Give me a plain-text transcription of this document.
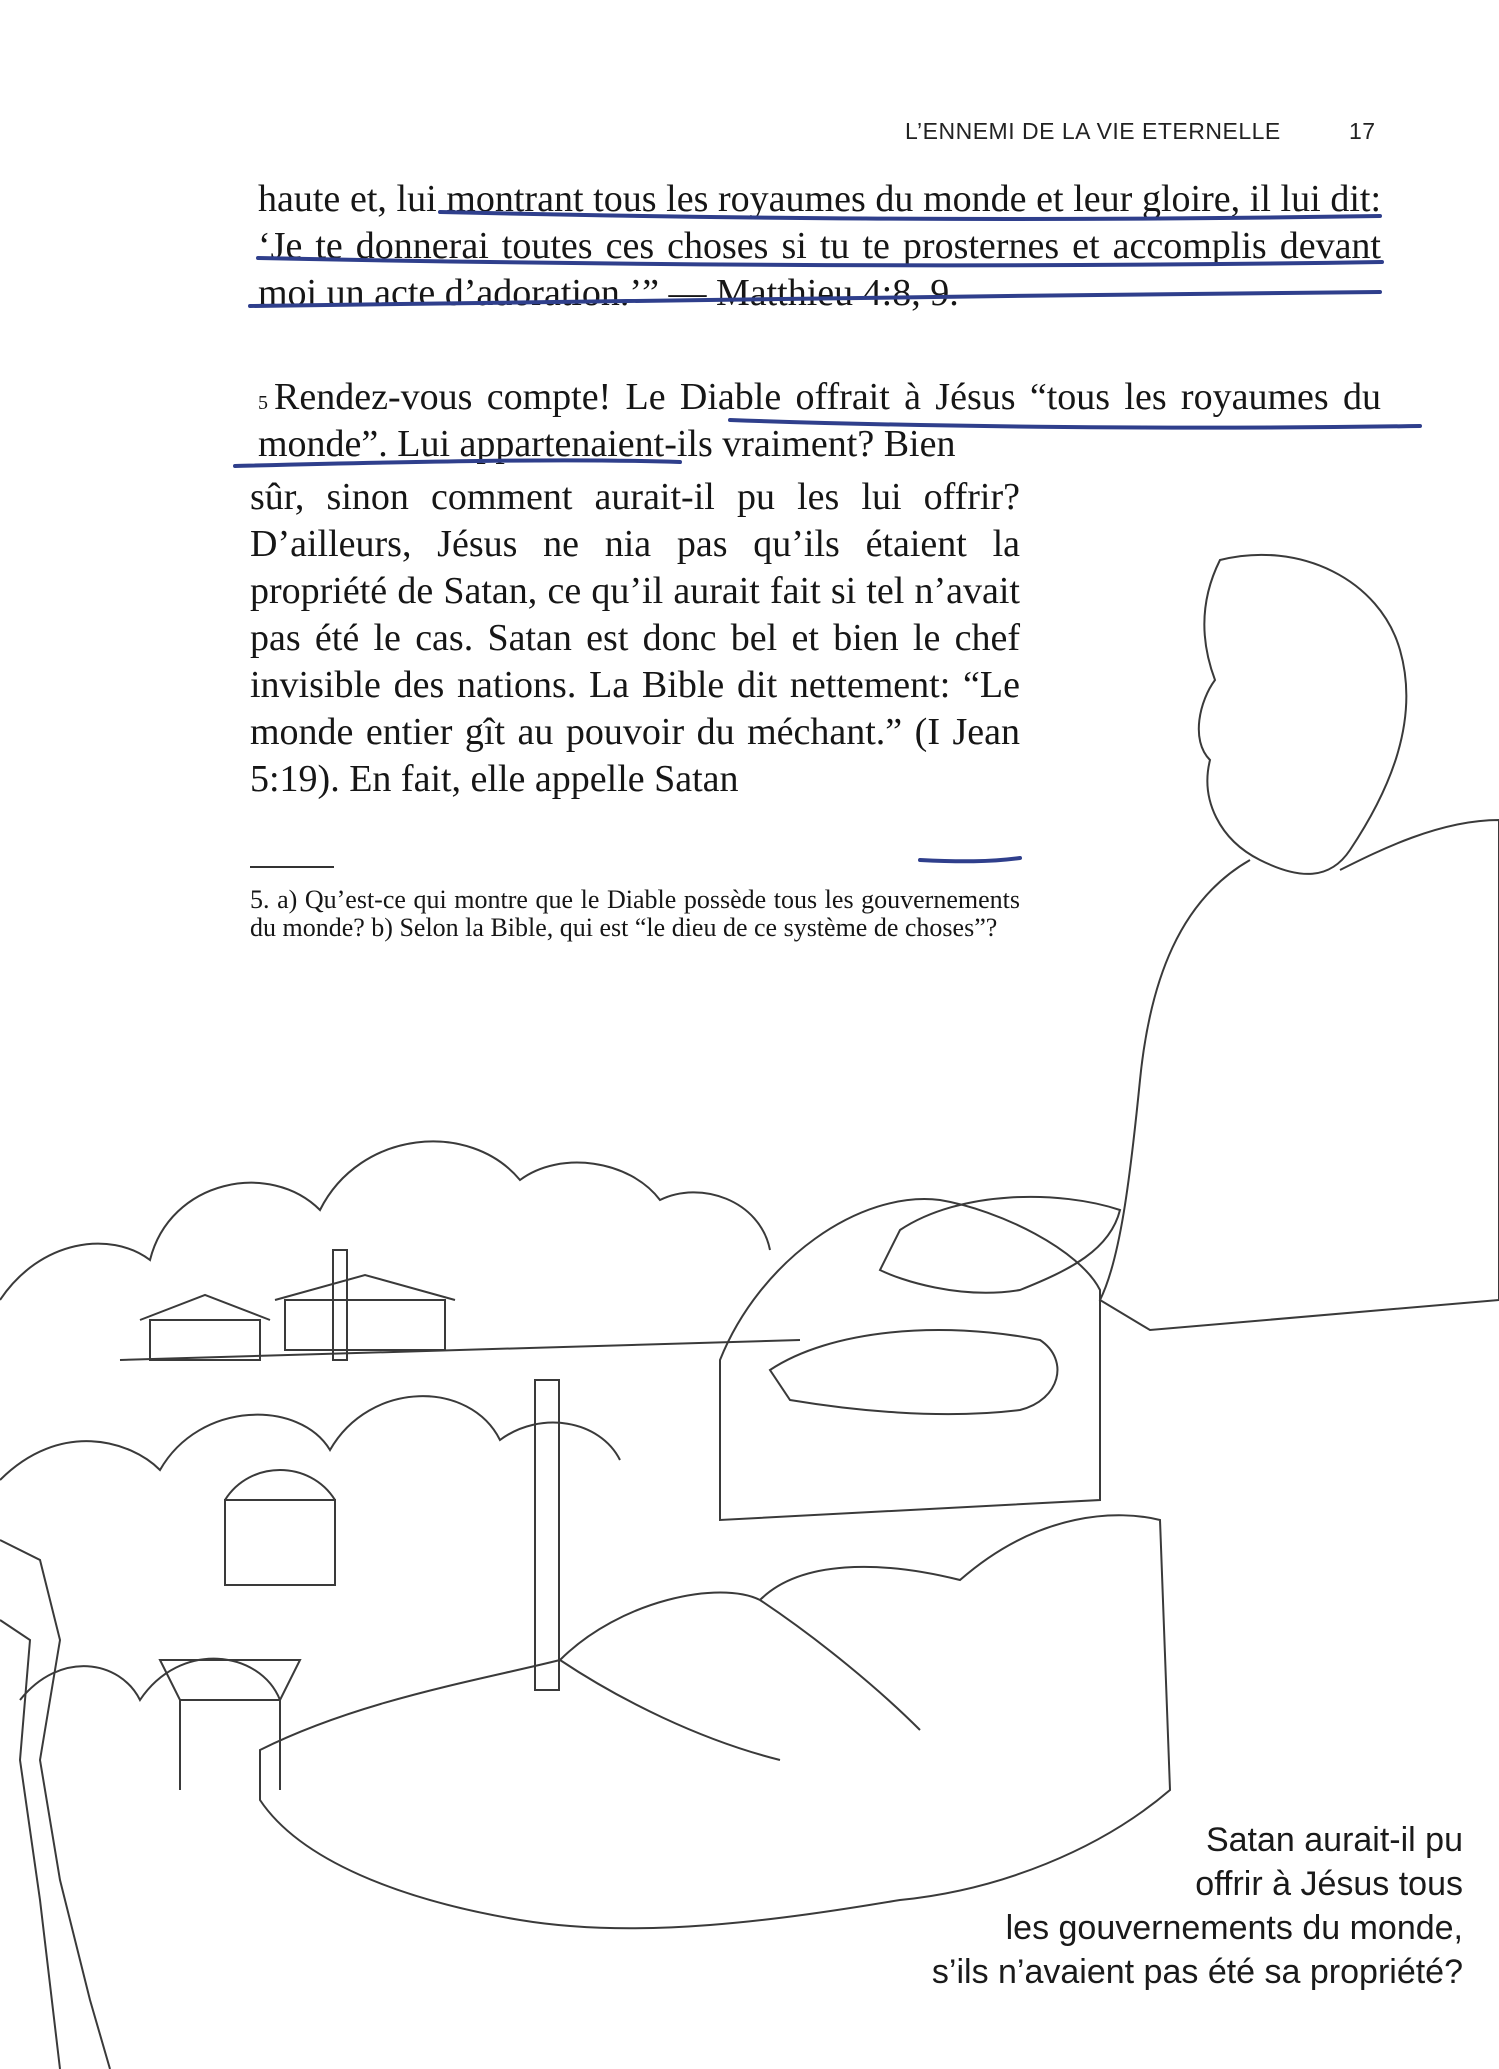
L’ENNEMI DE LA VIE ETERNELLE	17

haute et, lui montrant tous les royaumes du monde et leur gloire, il lui dit: ‘Je te donnerai toutes ces choses si tu te prosternes et accomplis devant moi un acte d’adoration.’” — Matthieu 4:8, 9.

$^5$ Rendez-vous compte! Le Diable offrait à Jésus “tous les royaumes du monde”. Lui appartenaient-ils vraiment? Bien

sûr, sinon comment aurait-il pu les lui offrir? D’ailleurs, Jésus ne nia pas qu’ils étaient la propriété de Satan, ce qu’il aurait fait si tel n’avait pas été le cas. Satan est donc bel et bien le chef invisible des nations. La Bible dit nettement: “Le monde entier gît au pouvoir du méchant.” (I Jean 5:19). En fait, elle appelle Satan

5. a) Qu’est-ce qui montre que le Diable possède tous les gouvernements du monde? b) Selon la Bible, qui est “le dieu de ce système de choses”?

Satan aurait-il pu
offrir à Jésus tous
les gouvernements du monde,
s’ils n’avaient pas été sa propriété?
